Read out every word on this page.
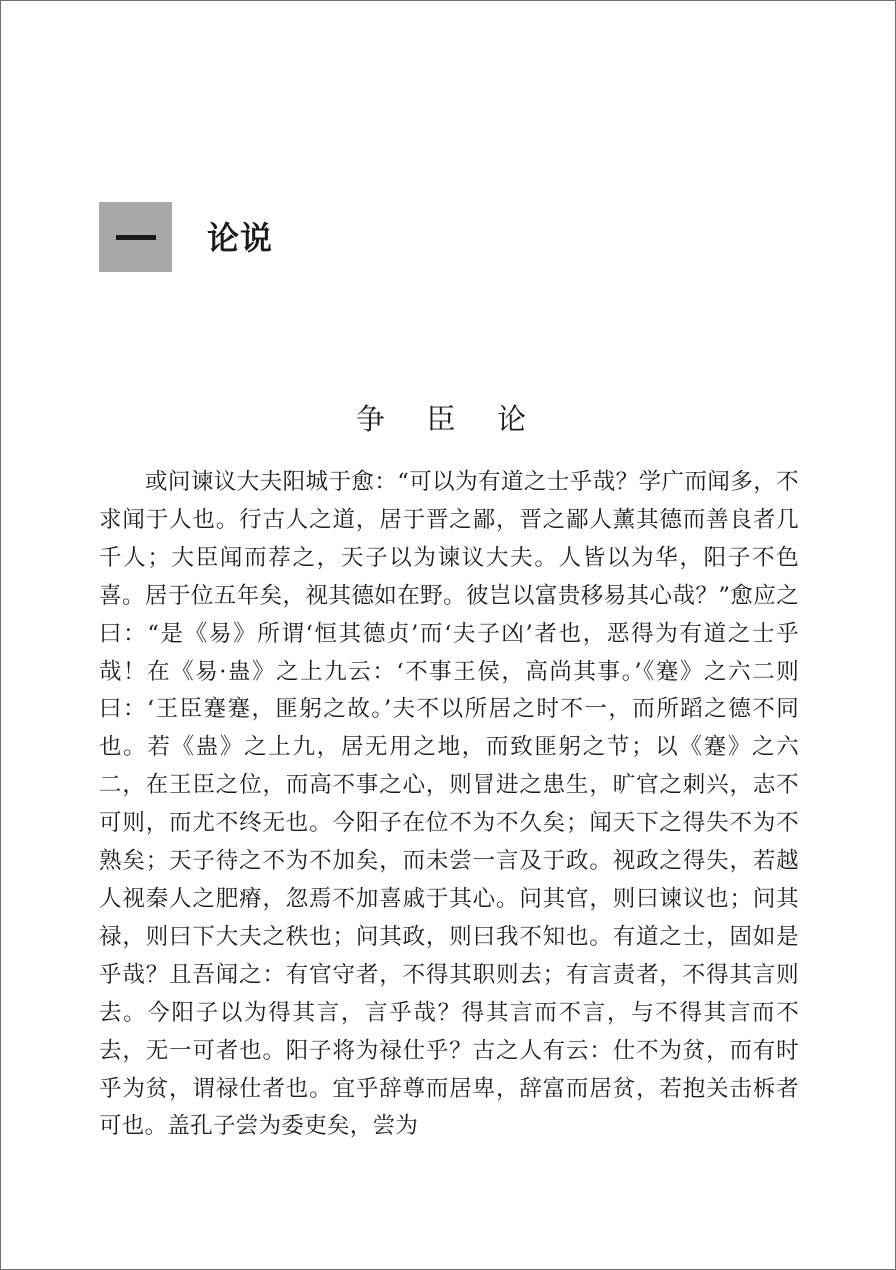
论说
争 臣 论

或问谏议大夫阳城于愈：“可以为有道之士乎哉？学广而闻多，不求闻于人也。行古人之道，居于晋之鄙，晋之鄙人薰其德而善良者几千人；大臣闻而荐之，天子以为谏议大夫。人皆以为华，阳子不色喜。居于位五年矣，视其德如在野。彼岂以富贵移易其心哉？”愈应之曰：“是《易》所谓‘恒其德贞’而‘夫子凶’者也，恶得为有道之士乎哉！在《易·蛊》之上九云：‘不事王侯，高尚其事。’《蹇》之六二则曰：‘王臣蹇蹇，匪躬之故。’夫不以所居之时不一，而所蹈之德不同也。若《蛊》之上九，居无用之地，而致匪躬之节；以《蹇》之六二，在王臣之位，而高不事之心，则冒进之患生，旷官之刺兴，志不可则，而尤不终无也。今阳子在位不为不久矣；闻天下之得失不为不熟矣；天子待之不为不加矣，而未尝一言及于政。视政之得失，若越人视秦人之肥瘠，忽焉不加喜戚于其心。问其官，则曰谏议也；问其禄，则曰下大夫之秩也；问其政，则曰我不知也。有道之士，固如是乎哉？且吾闻之：有官守者，不得其职则去；有言责者，不得其言则去。今阳子以为得其言，言乎哉？得其言而不言，与不得其言而不去，无一可者也。阳子将为禄仕乎？古之人有云：仕不为贫，而有时乎为贫，谓禄仕者也。宜乎辞尊而居卑，辞富而居贫，若抱关击柝者可也。盖孔子尝为委吏矣，尝为
